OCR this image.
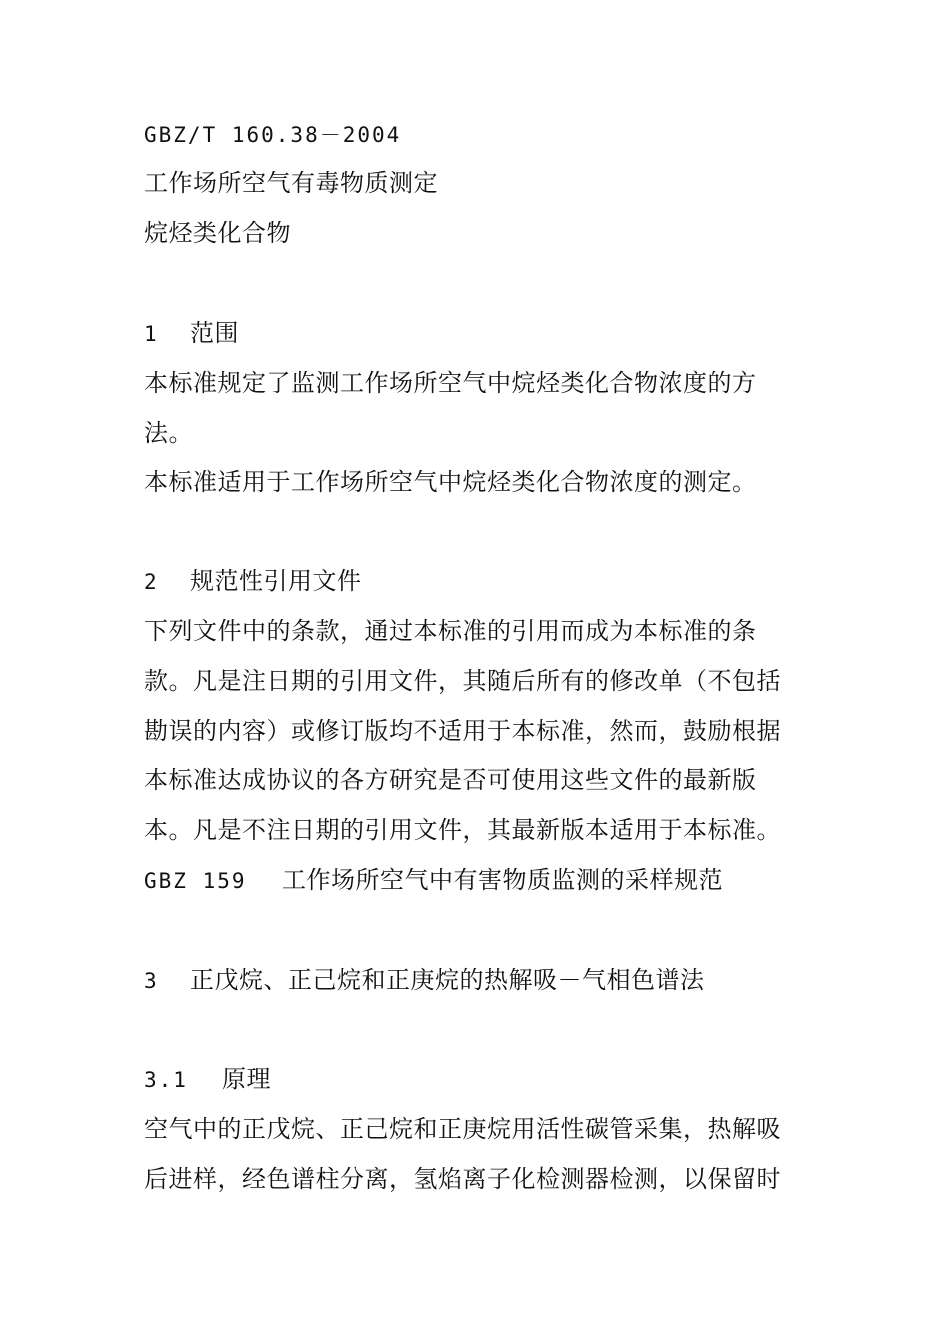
GBZ/T 160.38－2004
工作场所空气有毒物质测定
烷烃类化合物
1 范围
本标准规定了监测工作场所空气中烷烃类化合物浓度的方
法。
本标准适用于工作场所空气中烷烃类化合物浓度的测定。
2 规范性引用文件
下列文件中的条款，通过本标准的引用而成为本标准的条
款。凡是注日期的引用文件，其随后所有的修改单（不包括
勘误的内容）或修订版均不适用于本标准，然而，鼓励根据
本标准达成协议的各方研究是否可使用这些文件的最新版
本。凡是不注日期的引用文件，其最新版本适用于本标准。
GBZ 159 工作场所空气中有害物质监测的采样规范
3 正戊烷、正己烷和正庚烷的热解吸－气相色谱法
3.1 原理
空气中的正戊烷、正己烷和正庚烷用活性碳管采集，热解吸
后进样，经色谱柱分离，氢焰离子化检测器检测，以保留时
